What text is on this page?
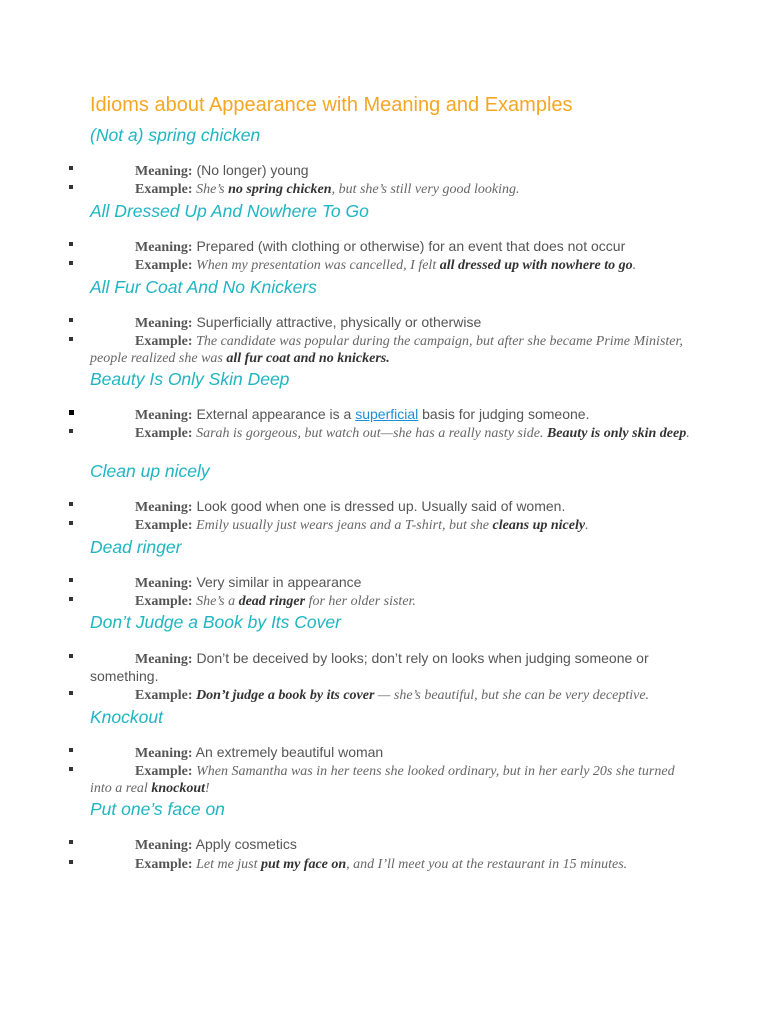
Idioms about Appearance with Meaning and Examples
(Not a) spring chicken
Meaning: (No longer) young
Example: She’s no spring chicken, but she’s still very good looking.
All Dressed Up And Nowhere To Go
Meaning: Prepared (with clothing or otherwise) for an event that does not occur
Example: When my presentation was cancelled, I felt all dressed up with nowhere to go.
All Fur Coat And No Knickers
Meaning: Superficially attractive, physically or otherwise
Example: The candidate was popular during the campaign, but after she became Prime Minister, people realized she was all fur coat and no knickers.
Beauty Is Only Skin Deep
Meaning: External appearance is a superficial basis for judging someone.
Example: Sarah is gorgeous, but watch out—she has a really nasty side. Beauty is only skin deep.
Clean up nicely
Meaning: Look good when one is dressed up. Usually said of women.
Example: Emily usually just wears jeans and a T-shirt, but she cleans up nicely.
Dead ringer
Meaning: Very similar in appearance
Example: She’s a dead ringer for her older sister.
Don’t Judge a Book by Its Cover
Meaning: Don’t be deceived by looks; don’t rely on looks when judging someone or something.
Example: Don’t judge a book by its cover — she’s beautiful, but she can be very deceptive.
Knockout
Meaning: An extremely beautiful woman
Example: When Samantha was in her teens she looked ordinary, but in her early 20s she turned into a real knockout!
Put one’s face on
Meaning: Apply cosmetics
Example: Let me just put my face on, and I’ll meet you at the restaurant in 15 minutes.
